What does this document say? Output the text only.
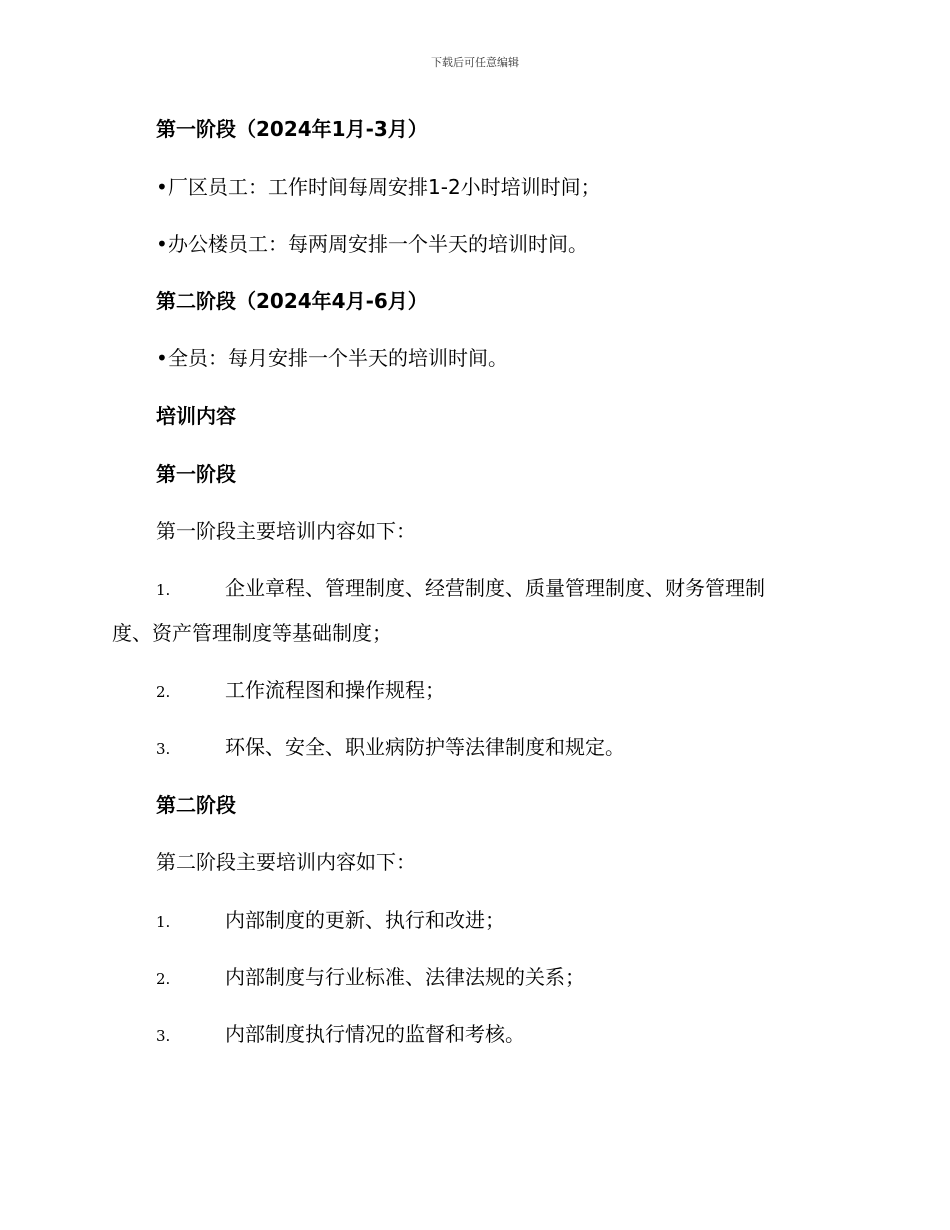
下载后可任意编辑
第一阶段（2024年1月-3月）
•厂区员工：工作时间每周安排1-2小时培训时间；
•办公楼员工：每两周安排一个半天的培训时间。
第二阶段（2024年4月-6月）
•全员：每月安排一个半天的培训时间。
培训内容
第一阶段
第一阶段主要培训内容如下：
1.	企业章程、管理制度、经营制度、质量管理制度、财务管理制
度、资产管理制度等基础制度；
2.	工作流程图和操作规程；
3.	环保、安全、职业病防护等法律制度和规定。
第二阶段
第二阶段主要培训内容如下：
1.	内部制度的更新、执行和改进；
2.	内部制度与行业标准、法律法规的关系；
3.	内部制度执行情况的监督和考核。
